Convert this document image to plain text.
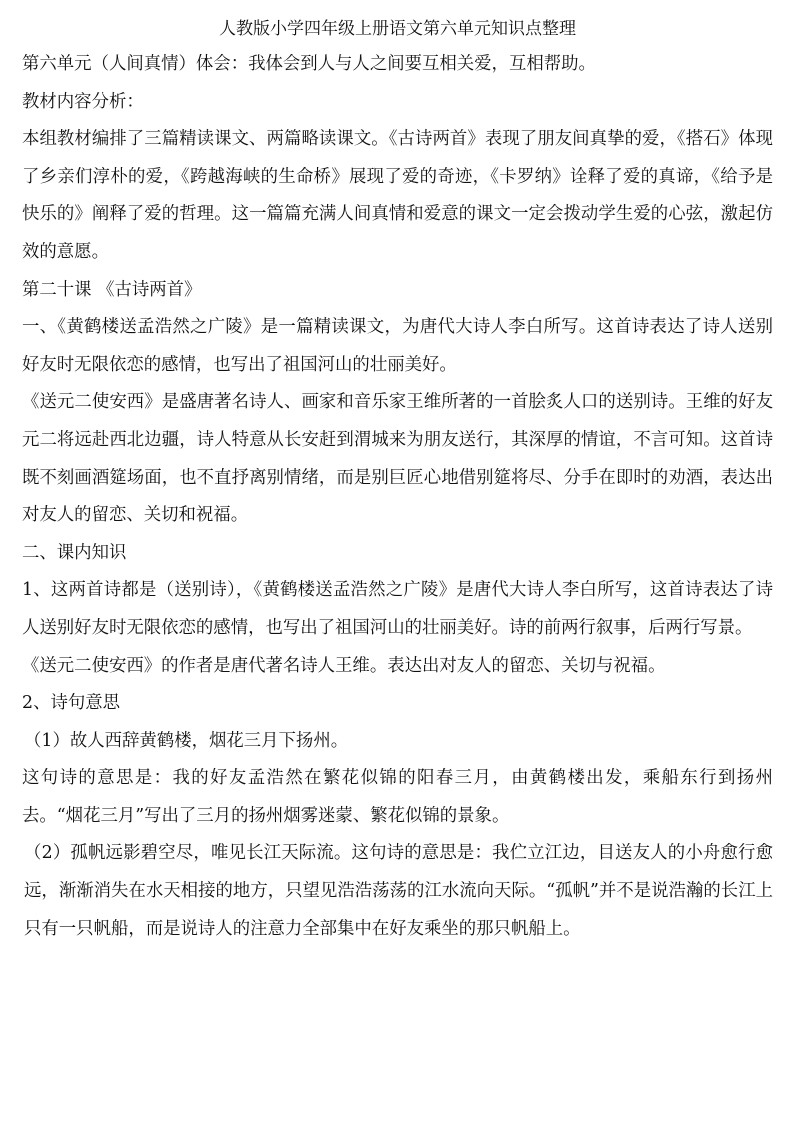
人教版小学四年级上册语文第六单元知识点整理

第六单元（人间真情）体会：我体会到人与人之间要互相关爱，互相帮助。

教材内容分析：

本组教材编排了三篇精读课文、两篇略读课文。《古诗两首》表现了朋友间真挚的爱，《搭石》体现了乡亲们淳朴的爱，《跨越海峡的生命桥》展现了爱的奇迹，《卡罗纳》诠释了爱的真谛，《给予是快乐的》阐释了爱的哲理。这一篇篇充满人间真情和爱意的课文一定会拨动学生爱的心弦，激起仿效的意愿。

第二十课 《古诗两首》

一、《黄鹤楼送孟浩然之广陵》是一篇精读课文，为唐代大诗人李白所写。这首诗表达了诗人送别好友时无限依恋的感情，也写出了祖国河山的壮丽美好。

《送元二使安西》是盛唐著名诗人、画家和音乐家王维所著的一首脍炙人口的送别诗。王维的好友元二将远赴西北边疆，诗人特意从长安赶到渭城来为朋友送行，其深厚的情谊，不言可知。这首诗既不刻画酒筵场面，也不直抒离别情绪，而是别巨匠心地借别筵将尽、分手在即时的劝酒，表达出对友人的留恋、关切和祝福。

二、课内知识

1、这两首诗都是（送别诗），《黄鹤楼送孟浩然之广陵》是唐代大诗人李白所写，这首诗表达了诗人送别好友时无限依恋的感情，也写出了祖国河山的壮丽美好。诗的前两行叙事，后两行写景。

《送元二使安西》的作者是唐代著名诗人王维。表达出对友人的留恋、关切与祝福。

2、诗句意思

（1）故人西辞黄鹤楼，烟花三月下扬州。

这句诗的意思是：我的好友孟浩然在繁花似锦的阳春三月，由黄鹤楼出发，乘船东行到扬州去。“烟花三月”写出了三月的扬州烟雾迷蒙、繁花似锦的景象。

（2）孤帆远影碧空尽，唯见长江天际流。这句诗的意思是：我伫立江边，目送友人的小舟愈行愈远，渐渐消失在水天相接的地方，只望见浩浩荡荡的江水流向天际。“孤帆”并不是说浩瀚的长江上只有一只帆船，而是说诗人的注意力全部集中在好友乘坐的那只帆船上。
